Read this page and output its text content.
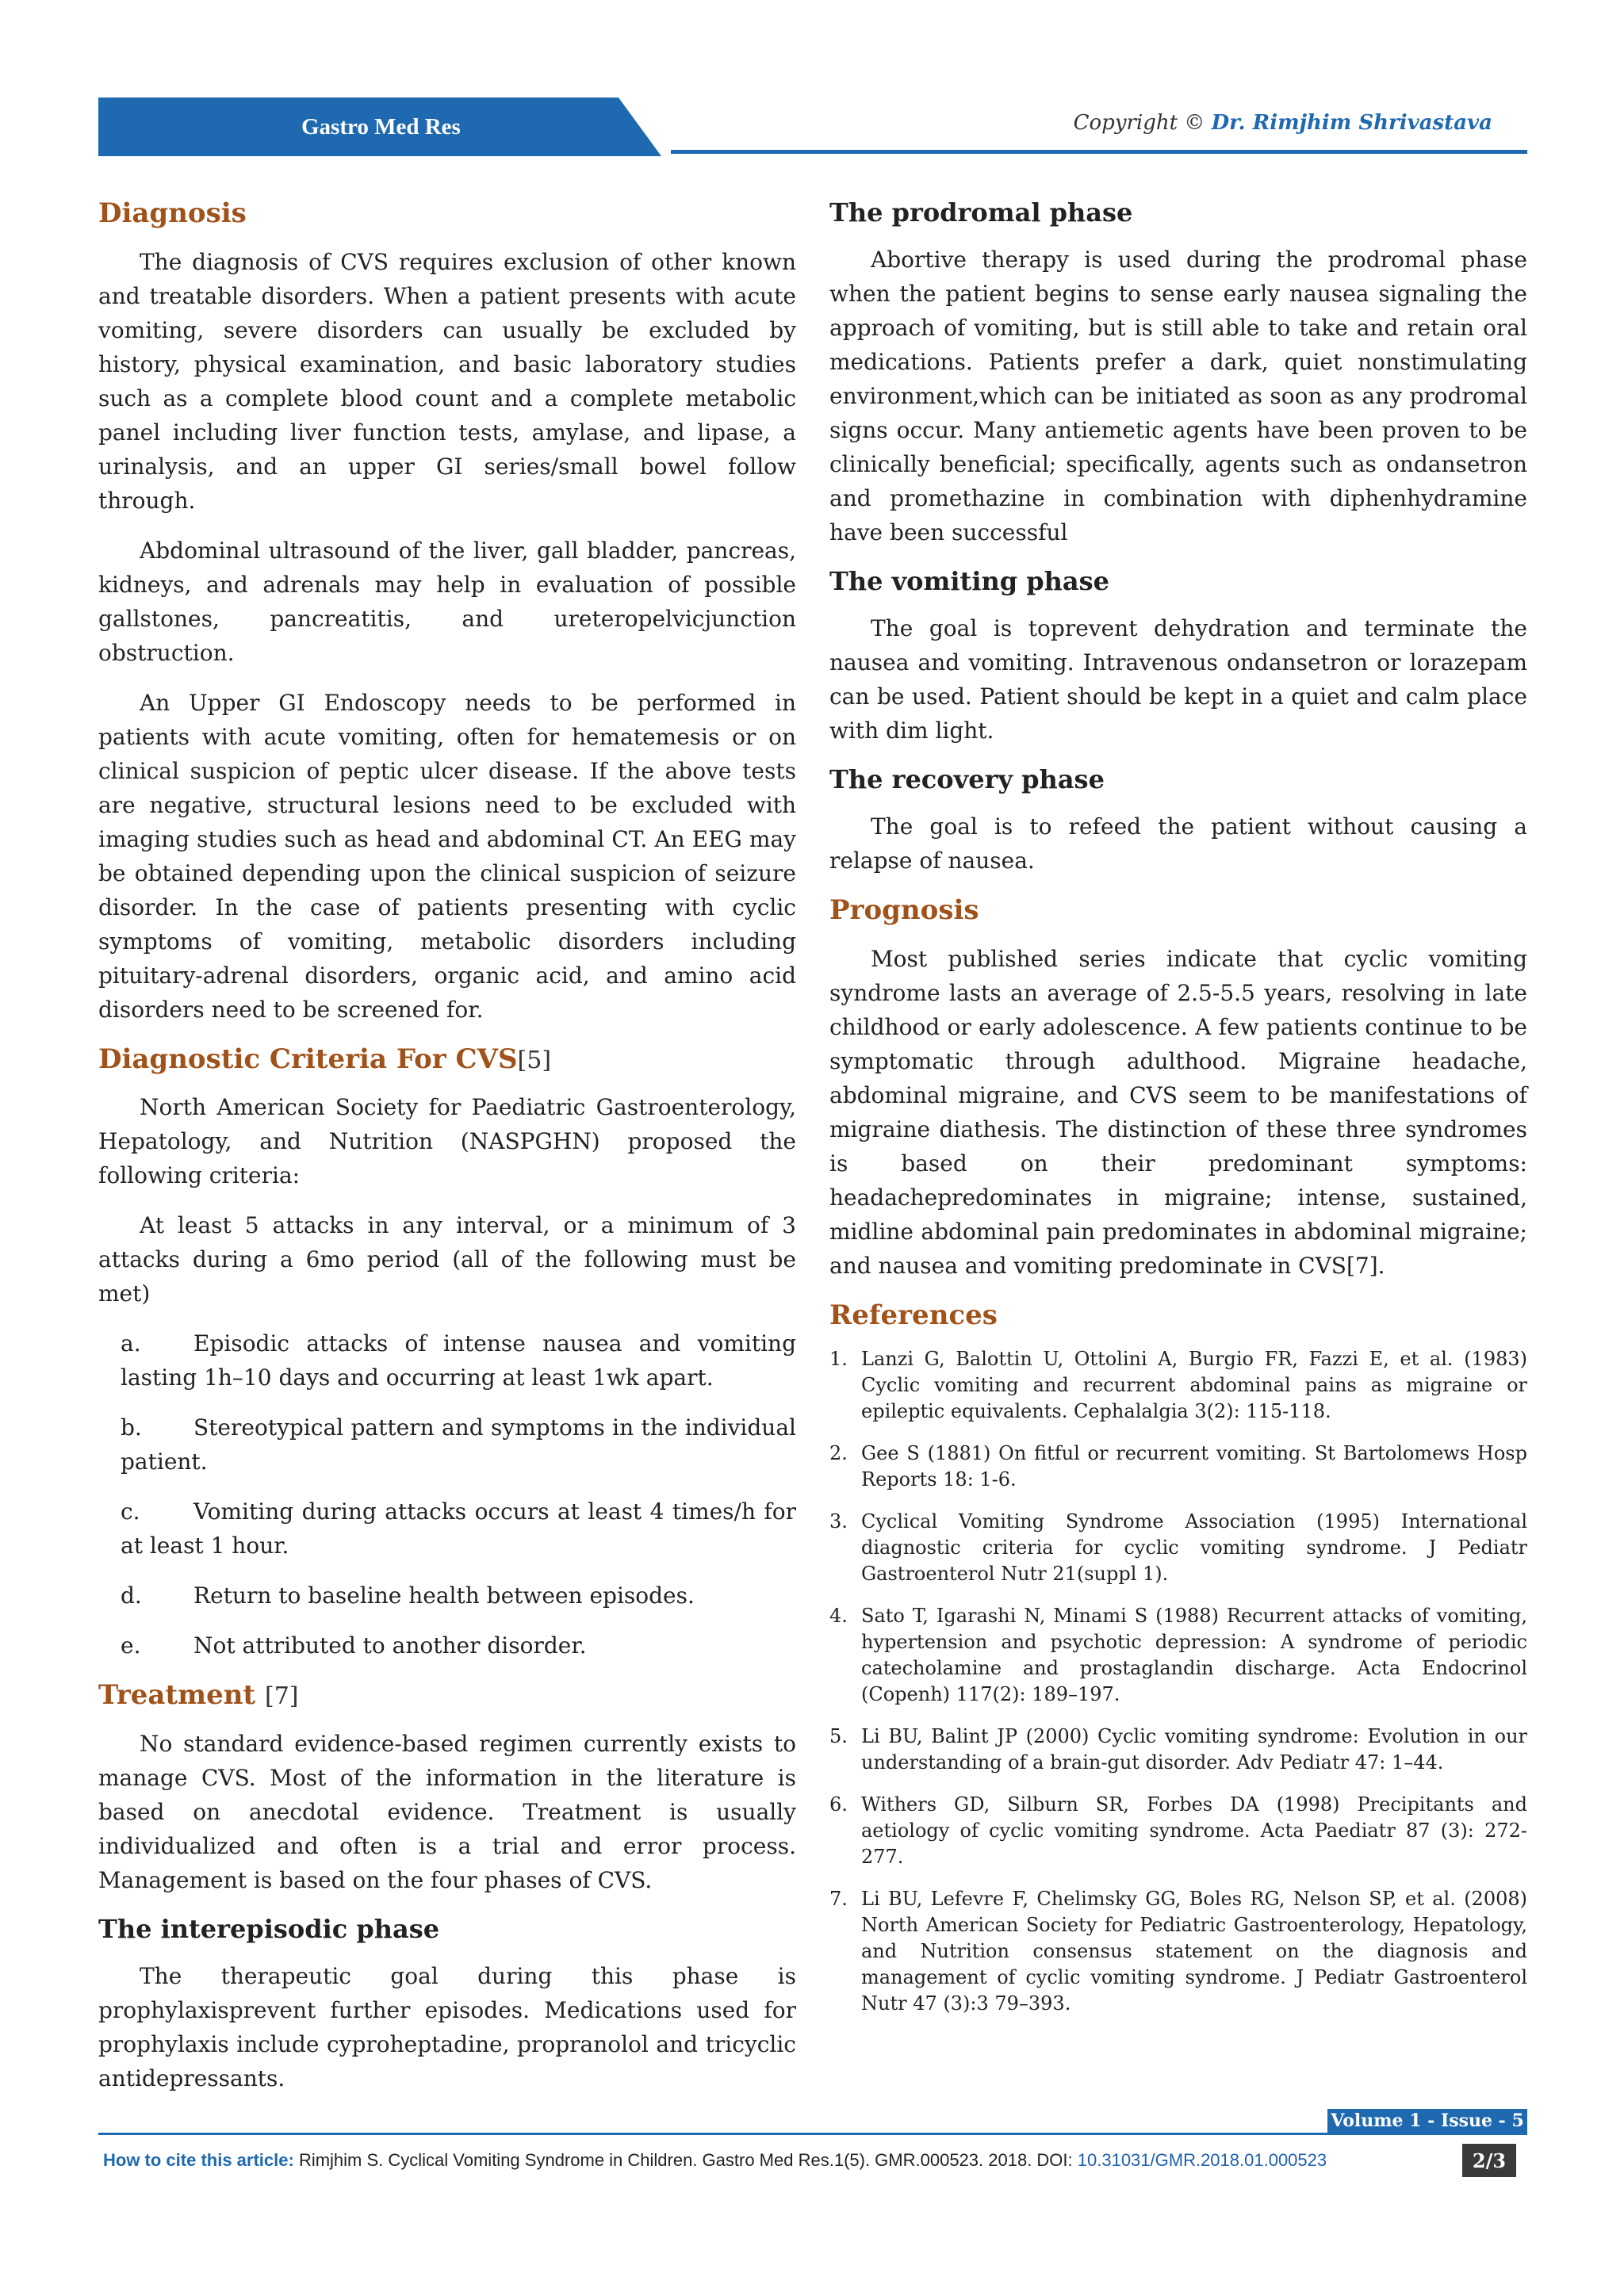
Gastro Med Res	Copyright © Dr. Rimjhim Shrivastava
Diagnosis

The diagnosis of CVS requires exclusion of other known and treatable disorders. When a patient presents with acute vomiting, severe disorders can usually be excluded by history, physical examination, and basic laboratory studies such as a complete blood count and a complete metabolic panel including liver function tests, amylase, and lipase, a urinalysis, and an upper GI series/small bowel follow through.

Abdominal ultrasound of the liver, gall bladder, pancreas, kidneys, and adrenals may help in evaluation of possible gallstones, pancreatitis, and ureteropelvicjunction obstruction.

An Upper GI Endoscopy needs to be performed in patients with acute vomiting, often for hematemesis or on clinical suspicion of peptic ulcer disease. If the above tests are negative, structural lesions need to be excluded with imaging studies such as head and abdominal CT. An EEG may be obtained depending upon the clinical suspicion of seizure disorder. In the case of patients presenting with cyclic symptoms of vomiting, metabolic disorders including pituitary-adrenal disorders, organic acid, and amino acid disorders need to be screened for.

Diagnostic Criteria For CVS[5]

North American Society for Paediatric Gastroenterology, Hepatology, and Nutrition (NASPGHN) proposed the following criteria:

At least 5 attacks in any interval, or a minimum of 3 attacks during a 6mo period (all of the following must be met)

a. Episodic attacks of intense nausea and vomiting lasting 1h–10 days and occurring at least 1wk apart.
b. Stereotypical pattern and symptoms in the individual patient.
c. Vomiting during attacks occurs at least 4 times/h for at least 1 hour.
d. Return to baseline health between episodes.
e. Not attributed to another disorder.
Treatment [7]

No standard evidence-based regimen currently exists to manage CVS. Most of the information in the literature is based on anecdotal evidence. Treatment is usually individualized and often is a trial and error process. Management is based on the four phases of CVS.

The interepisodic phase

The therapeutic goal during this phase is prophylaxisprevent further episodes. Medications used for prophylaxis include cyproheptadine, propranolol and tricyclic antidepressants.

The prodromal phase

Abortive therapy is used during the prodromal phase when the patient begins to sense early nausea signaling the approach of vomiting, but is still able to take and retain oral medications. Patients prefer a dark, quiet nonstimulating environment,which can be initiated as soon as any prodromal signs occur. Many antiemetic agents have been proven to be clinically beneficial; specifically, agents such as ondansetron and promethazine in combination with diphenhydramine have been successful

The vomiting phase

The goal is toprevent dehydration and terminate the nausea and vomiting. Intravenous ondansetron or lorazepam can be used. Patient should be kept in a quiet and calm place with dim light.

The recovery phase

The goal is to refeed the patient without causing a relapse of nausea.

Prognosis

Most published series indicate that cyclic vomiting syndrome lasts an average of 2.5-5.5 years, resolving in late childhood or early adolescence. A few patients continue to be symptomatic through adulthood. Migraine headache, abdominal migraine, and CVS seem to be manifestations of migraine diathesis. The distinction of these three syndromes is based on their predominant symptoms: headachepredominates in migraine; intense, sustained, midline abdominal pain predominates in abdominal migraine; and nausea and vomiting predominate in CVS[7].

References
1. Lanzi G, Balottin U, Ottolini A, Burgio FR, Fazzi E, et al. (1983) Cyclic vomiting and recurrent abdominal pains as migraine or epileptic equivalents. Cephalalgia 3(2): 115-118.
2. Gee S (1881) On fitful or recurrent vomiting. St Bartolomews Hosp Reports 18: 1-6.
3. Cyclical Vomiting Syndrome Association (1995) International diagnostic criteria for cyclic vomiting syndrome. J Pediatr Gastroenterol Nutr 21(suppl 1).
4. Sato T, Igarashi N, Minami S (1988) Recurrent attacks of vomiting, hypertension and psychotic depression: A syndrome of periodic catecholamine and prostaglandin discharge. Acta Endocrinol (Copenh) 117(2): 189–197.
5. Li BU, Balint JP (2000) Cyclic vomiting syndrome: Evolution in our understanding of a brain-gut disorder. Adv Pediatr 47: 1–44.
6. Withers GD, Silburn SR, Forbes DA (1998) Precipitants and aetiology of cyclic vomiting syndrome. Acta Paediatr 87 (3): 272-277.
7. Li BU, Lefevre F, Chelimsky GG, Boles RG, Nelson SP, et al. (2008) North American Society for Pediatric Gastroenterology, Hepatology, and Nutrition consensus statement on the diagnosis and management of cyclic vomiting syndrome. J Pediatr Gastroenterol Nutr 47 (3):3 79–393.
Volume 1 - Issue - 5
How to cite this article: Rimjhim S. Cyclical Vomiting Syndrome in Children. Gastro Med Res.1(5). GMR.000523. 2018. DOI: 10.31031/GMR.2018.01.000523	2/3
